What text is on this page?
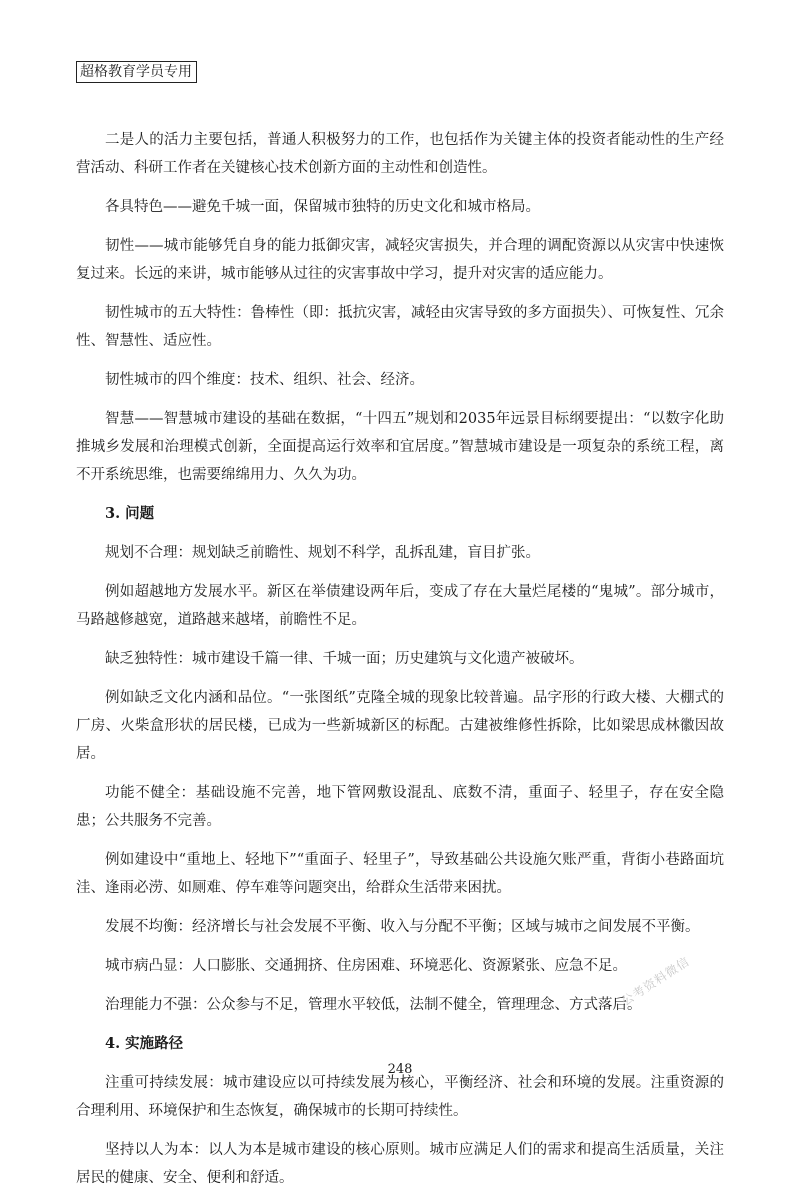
超格教育学员专用

二是人的活力主要包括，普通人积极努力的工作，也包括作为关键主体的投资者能动性的生产经营活动、科研工作者在关键核心技术创新方面的主动性和创造性。

各具特色——避免千城一面，保留城市独特的历史文化和城市格局。

韧性——城市能够凭自身的能力抵御灾害，减轻灾害损失，并合理的调配资源以从灾害中快速恢复过来。长远的来讲，城市能够从过往的灾害事故中学习，提升对灾害的适应能力。

韧性城市的五大特性：鲁棒性（即：抵抗灾害，减轻由灾害导致的多方面损失）、可恢复性、冗余性、智慧性、适应性。

韧性城市的四个维度：技术、组织、社会、经济。

智慧——智慧城市建设的基础在数据，“十四五”规划和2035年远景目标纲要提出：“以数字化助推城乡发展和治理模式创新，全面提高运行效率和宜居度。”智慧城市建设是一项复杂的系统工程，离不开系统思维，也需要绵绵用力、久久为功。

3. 问题

规划不合理：规划缺乏前瞻性、规划不科学，乱拆乱建，盲目扩张。

例如超越地方发展水平。新区在举债建设两年后，变成了存在大量烂尾楼的“鬼城”。部分城市，马路越修越宽，道路越来越堵，前瞻性不足。

缺乏独特性：城市建设千篇一律、千城一面；历史建筑与文化遗产被破坏。

例如缺乏文化内涵和品位。“一张图纸”克隆全城的现象比较普遍。品字形的行政大楼、大棚式的厂房、火柴盒形状的居民楼，已成为一些新城新区的标配。古建被维修性拆除，比如梁思成林徽因故居。

功能不健全：基础设施不完善，地下管网敷设混乱、底数不清，重面子、轻里子，存在安全隐患；公共服务不完善。

例如建设中“重地上、轻地下”“重面子、轻里子”，导致基础公共设施欠账严重，背街小巷路面坑洼、逢雨必涝、如厕难、停车难等问题突出，给群众生活带来困扰。

发展不均衡：经济增长与社会发展不平衡、收入与分配不平衡；区域与城市之间发展不平衡。

城市病凸显：人口膨胀、交通拥挤、住房困难、环境恶化、资源紧张、应急不足。

治理能力不强：公众参与不足，管理水平较低，法制不健全，管理理念、方式落后。

4. 实施路径

注重可持续发展：城市建设应以可持续发展为核心，平衡经济、社会和环境的发展。注重资源的合理利用、环境保护和生态恢复，确保城市的长期可持续性。

坚持以人为本：以人为本是城市建设的核心原则。城市应满足人们的需求和提高生活质量，关注居民的健康、安全、便利和舒适。

公考资料微信
248
